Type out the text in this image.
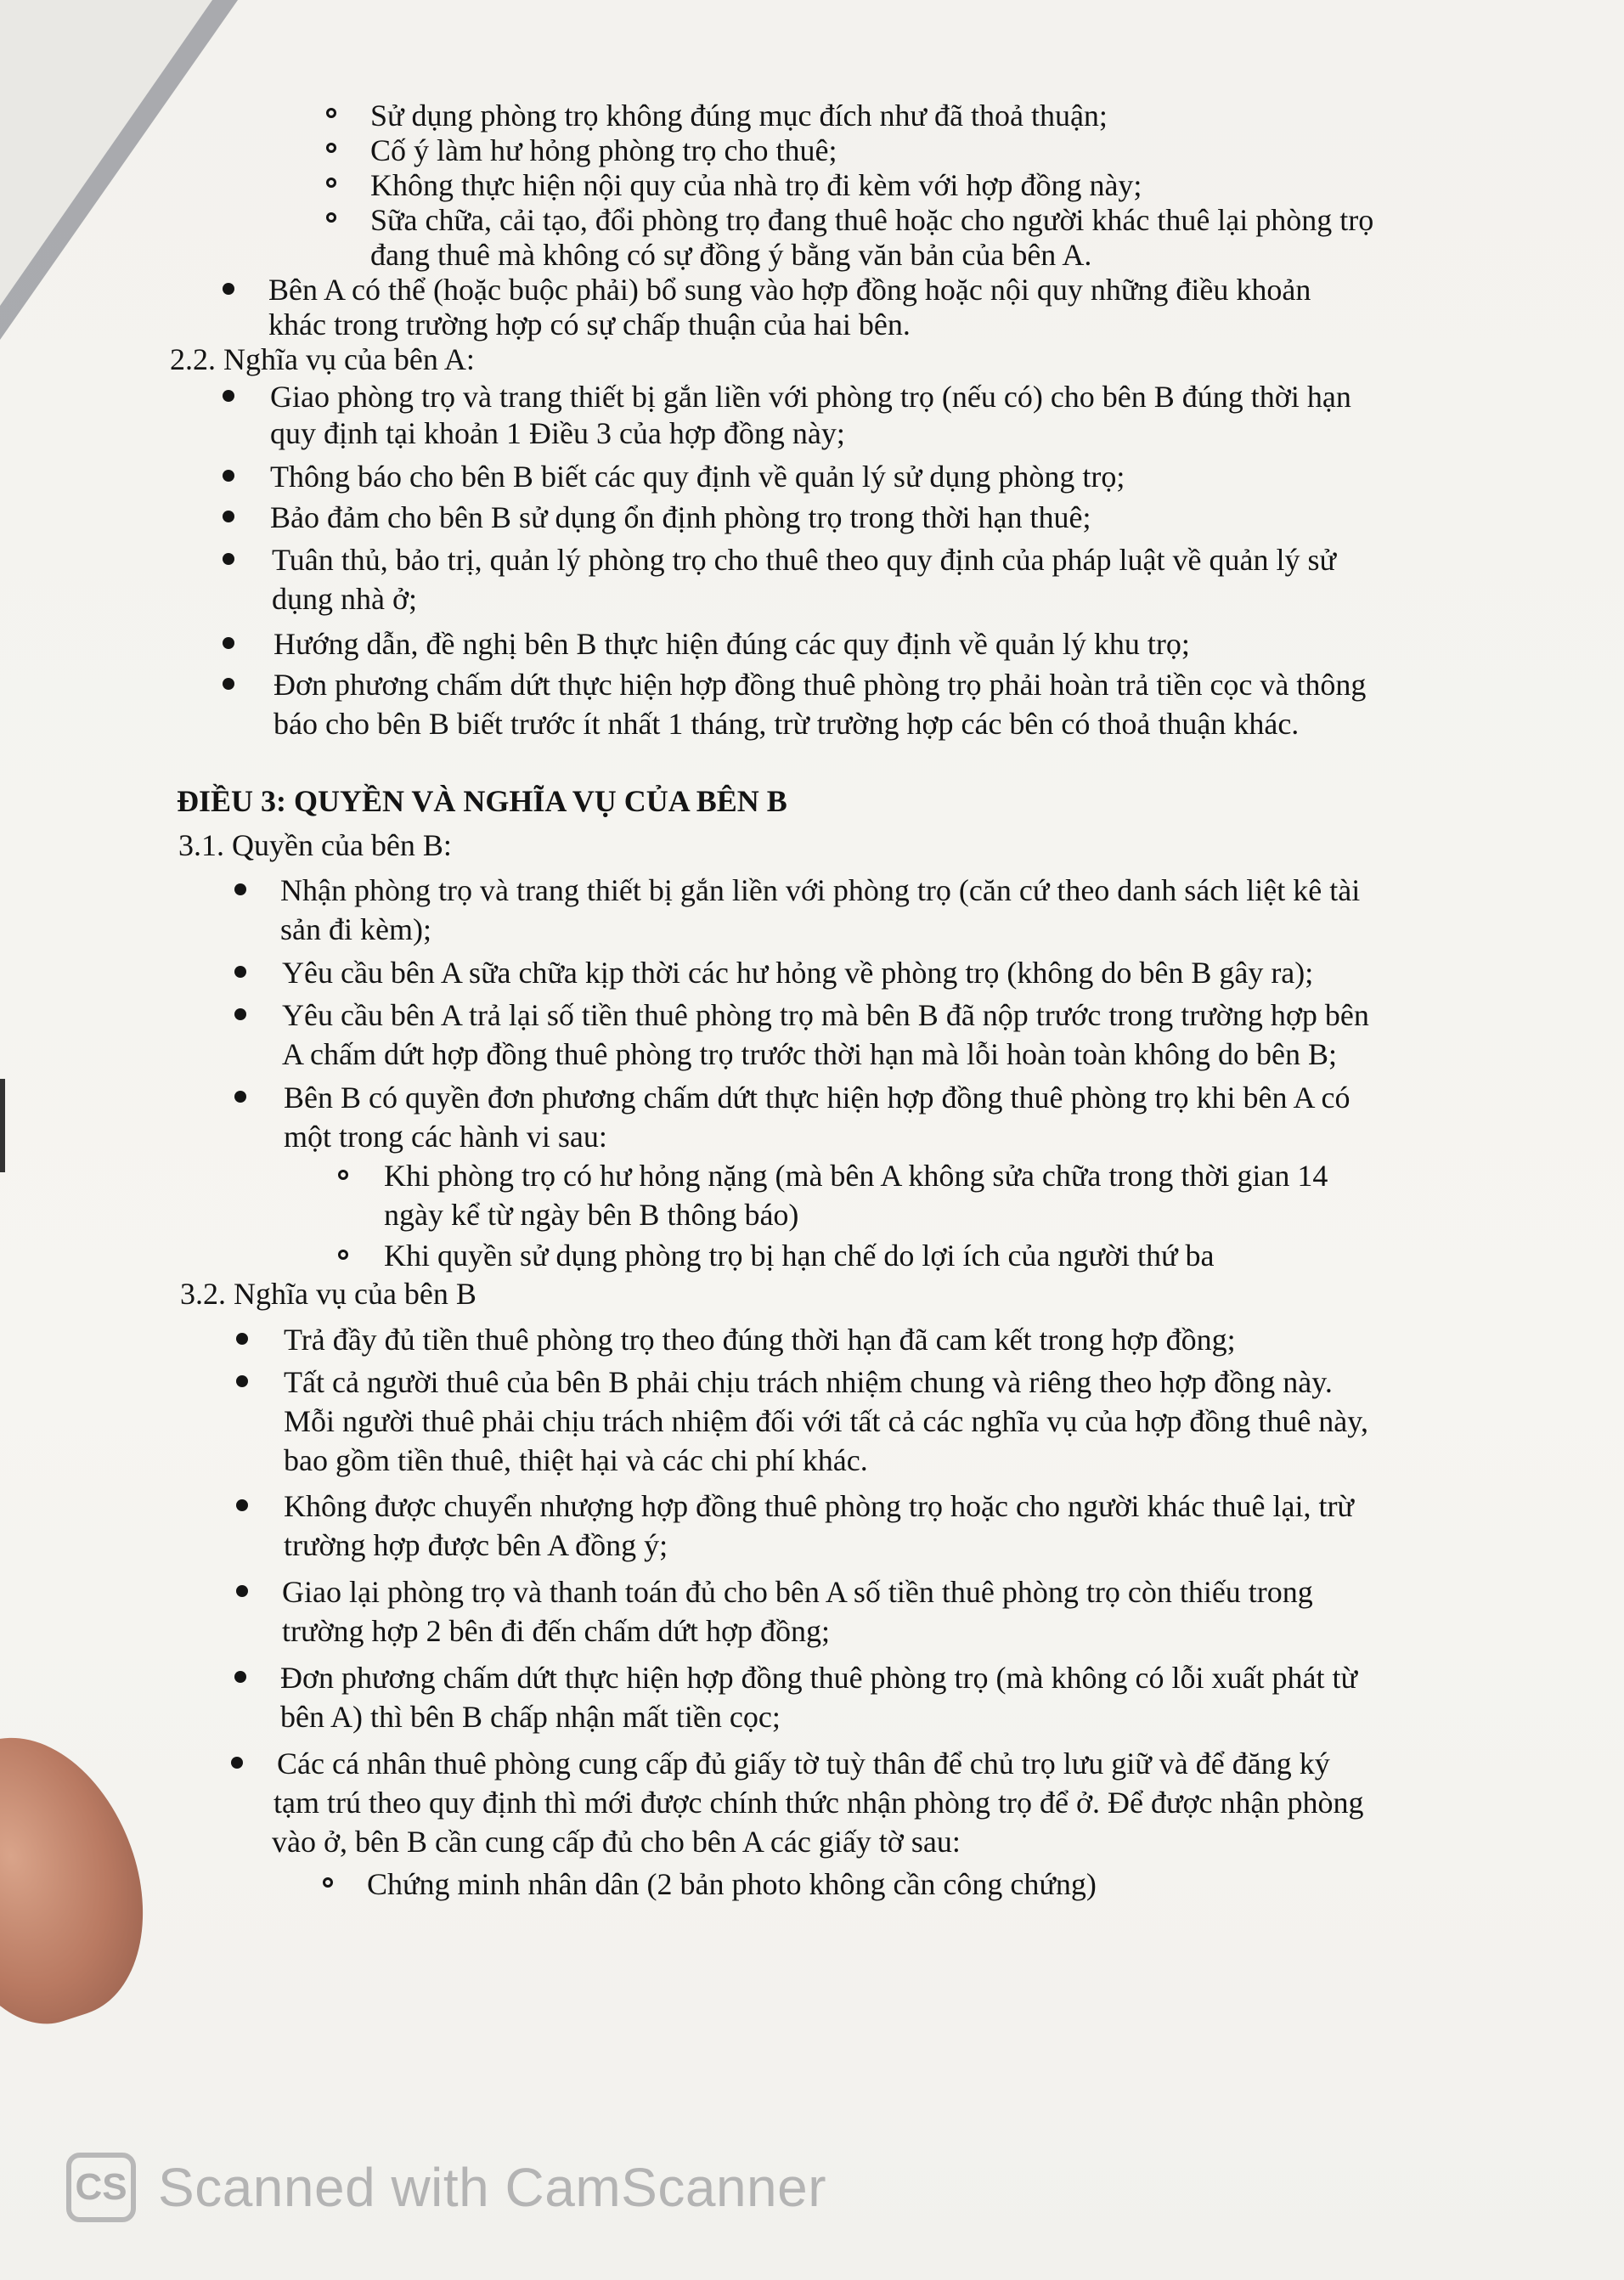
Sử dụng phòng trọ không đúng mục đích như đã thoả thuận;
Cố ý làm hư hỏng phòng trọ cho thuê;
Không thực hiện nội quy của nhà trọ đi kèm với hợp đồng này;
Sữa chữa, cải tạo, đổi phòng trọ đang thuê hoặc cho người khác thuê lại phòng trọ
đang thuê mà không có sự đồng ý bằng văn bản của bên A.
Bên A có thể (hoặc buộc phải) bổ sung vào hợp đồng hoặc nội quy những điều khoản
khác trong trường hợp có sự chấp thuận của hai bên.
2.2. Nghĩa vụ của bên A:
Giao phòng trọ và trang thiết bị gắn liền với phòng trọ (nếu có) cho bên B đúng thời hạn
quy định tại khoản 1 Điều 3 của hợp đồng này;
Thông báo cho bên B biết các quy định về quản lý sử dụng phòng trọ;
Bảo đảm cho bên B sử dụng ổn định phòng trọ trong thời hạn thuê;
Tuân thủ, bảo trị, quản lý phòng trọ cho thuê theo quy định của pháp luật về quản lý sử
dụng nhà ở;
Hướng dẫn, đề nghị bên B thực hiện đúng các quy định về quản lý khu trọ;
Đơn phương chấm dứt thực hiện hợp đồng thuê phòng trọ phải hoàn trả tiền cọc và thông
báo cho bên B biết trước ít nhất 1 tháng, trừ trường hợp các bên có thoả thuận khác.
ĐIỀU 3: QUYỀN VÀ NGHĨA VỤ CỦA BÊN B
3.1. Quyền của bên B:
Nhận phòng trọ và trang thiết bị gắn liền với phòng trọ (căn cứ theo danh sách liệt kê tài
sản đi kèm);
Yêu cầu bên A sữa chữa kịp thời các hư hỏng về phòng trọ (không do bên B gây ra);
Yêu cầu bên A trả lại số tiền thuê phòng trọ mà bên B đã nộp trước trong trường hợp bên
A chấm dứt hợp đồng thuê phòng trọ trước thời hạn mà lỗi hoàn toàn không do bên B;
Bên B có quyền đơn phương chấm dứt thực hiện hợp đồng thuê phòng trọ khi bên A có
một trong các hành vi sau:
Khi phòng trọ có hư hỏng nặng (mà bên A không sửa chữa trong thời gian 14
ngày kể từ ngày bên B thông báo)
Khi quyền sử dụng phòng trọ bị hạn chế do lợi ích của người thứ ba
3.2. Nghĩa vụ của bên B
Trả đầy đủ tiền thuê phòng trọ theo đúng thời hạn đã cam kết trong hợp đồng;
Tất cả người thuê của bên B phải chịu trách nhiệm chung và riêng theo hợp đồng này.
Mỗi người thuê phải chịu trách nhiệm đối với tất cả các nghĩa vụ của hợp đồng thuê này,
bao gồm tiền thuê, thiệt hại và các chi phí khác.
Không được chuyển nhượng hợp đồng thuê phòng trọ hoặc cho người khác thuê lại, trừ
trường hợp được bên A đồng ý;
Giao lại phòng trọ và thanh toán đủ cho bên A số tiền thuê phòng trọ còn thiếu trong
trường hợp 2 bên đi đến chấm dứt hợp đồng;
Đơn phương chấm dứt thực hiện hợp đồng thuê phòng trọ (mà không có lỗi xuất phát từ
bên A) thì bên B chấp nhận mất tiền cọc;
Các cá nhân thuê phòng cung cấp đủ giấy tờ tuỳ thân để chủ trọ lưu giữ và để đăng ký
tạm trú theo quy định thì mới được chính thức nhận phòng trọ để ở. Để được nhận phòng
vào ở, bên B cần cung cấp đủ cho bên A các giấy tờ sau:
Chứng minh nhân dân (2 bản photo không cần công chứng)
CS Scanned with CamScanner
